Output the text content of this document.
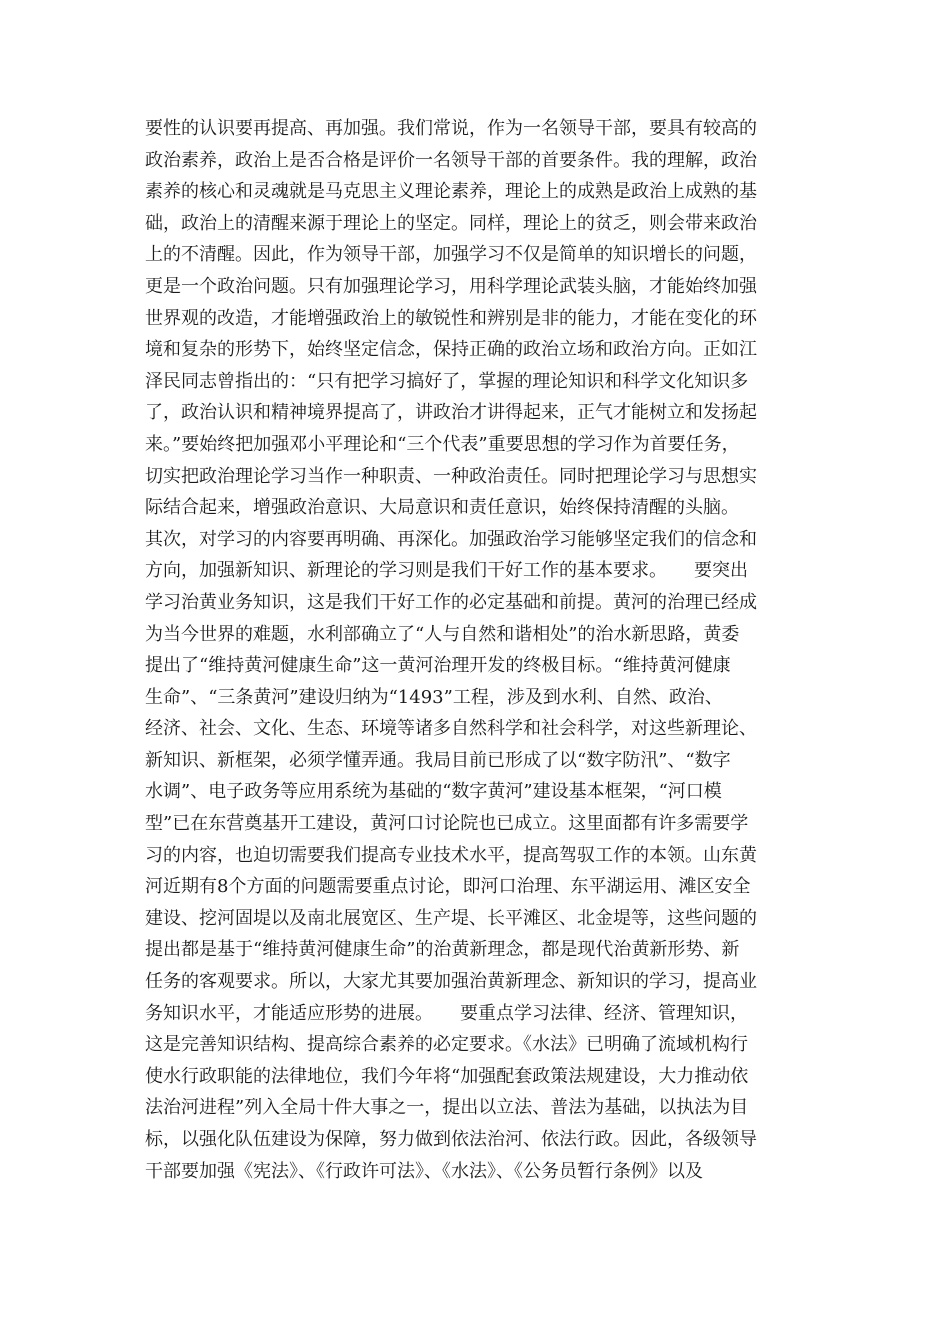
要性的认识要再提高、再加强。我们常说，作为一名领导干部，要具有较高的
政治素养，政治上是否合格是评价一名领导干部的首要条件。我的理解，政治
素养的核心和灵魂就是马克思主义理论素养，理论上的成熟是政治上成熟的基
础，政治上的清醒来源于理论上的坚定。同样，理论上的贫乏，则会带来政治
上的不清醒。因此，作为领导干部，加强学习不仅是简单的知识增长的问题，
更是一个政治问题。只有加强理论学习，用科学理论武装头脑，才能始终加强
世界观的改造，才能增强政治上的敏锐性和辨别是非的能力，才能在变化的环
境和复杂的形势下，始终坚定信念，保持正确的政治立场和政治方向。正如江
泽民同志曾指出的：“只有把学习搞好了，掌握的理论知识和科学文化知识多
了，政治认识和精神境界提高了，讲政治才讲得起来，正气才能树立和发扬起
来。”要始终把加强邓小平理论和“三个代表”重要思想的学习作为首要任务，
切实把政治理论学习当作一种职责、一种政治责任。同时把理论学习与思想实
际结合起来，增强政治意识、大局意识和责任意识，始终保持清醒的头脑。
其次，对学习的内容要再明确、再深化。加强政治学习能够坚定我们的信念和
方向，加强新知识、新理论的学习则是我们干好工作的基本要求。　　要突出
学习治黄业务知识，这是我们干好工作的必定基础和前提。黄河的治理已经成
为当今世界的难题，水利部确立了“人与自然和谐相处”的治水新思路，黄委
提出了“维持黄河健康生命”这一黄河治理开发的终极目标。“维持黄河健康
生命”、“三条黄河”建设归纳为“1493”工程，涉及到水利、自然、政治、
经济、社会、文化、生态、环境等诸多自然科学和社会科学，对这些新理论、
新知识、新框架，必须学懂弄通。我局目前已形成了以“数字防汛”、“数字
水调”、电子政务等应用系统为基础的“数字黄河”建设基本框架，“河口模
型”已在东营奠基开工建设，黄河口讨论院也已成立。这里面都有许多需要学
习的内容，也迫切需要我们提高专业技术水平，提高驾驭工作的本领。山东黄
河近期有8个方面的问题需要重点讨论，即河口治理、东平湖运用、滩区安全
建设、挖河固堤以及南北展宽区、生产堤、长平滩区、北金堤等，这些问题的
提出都是基于“维持黄河健康生命”的治黄新理念，都是现代治黄新形势、新
任务的客观要求。所以，大家尤其要加强治黄新理念、新知识的学习，提高业
务知识水平，才能适应形势的进展。　　要重点学习法律、经济、管理知识，
这是完善知识结构、提高综合素养的必定要求。《水法》已明确了流域机构行
使水行政职能的法律地位，我们今年将“加强配套政策法规建设，大力推动依
法治河进程”列入全局十件大事之一，提出以立法、普法为基础，以执法为目
标，以强化队伍建设为保障，努力做到依法治河、依法行政。因此，各级领导
干部要加强《宪法》、《行政许可法》、《水法》、《公务员暂行条例》以及
